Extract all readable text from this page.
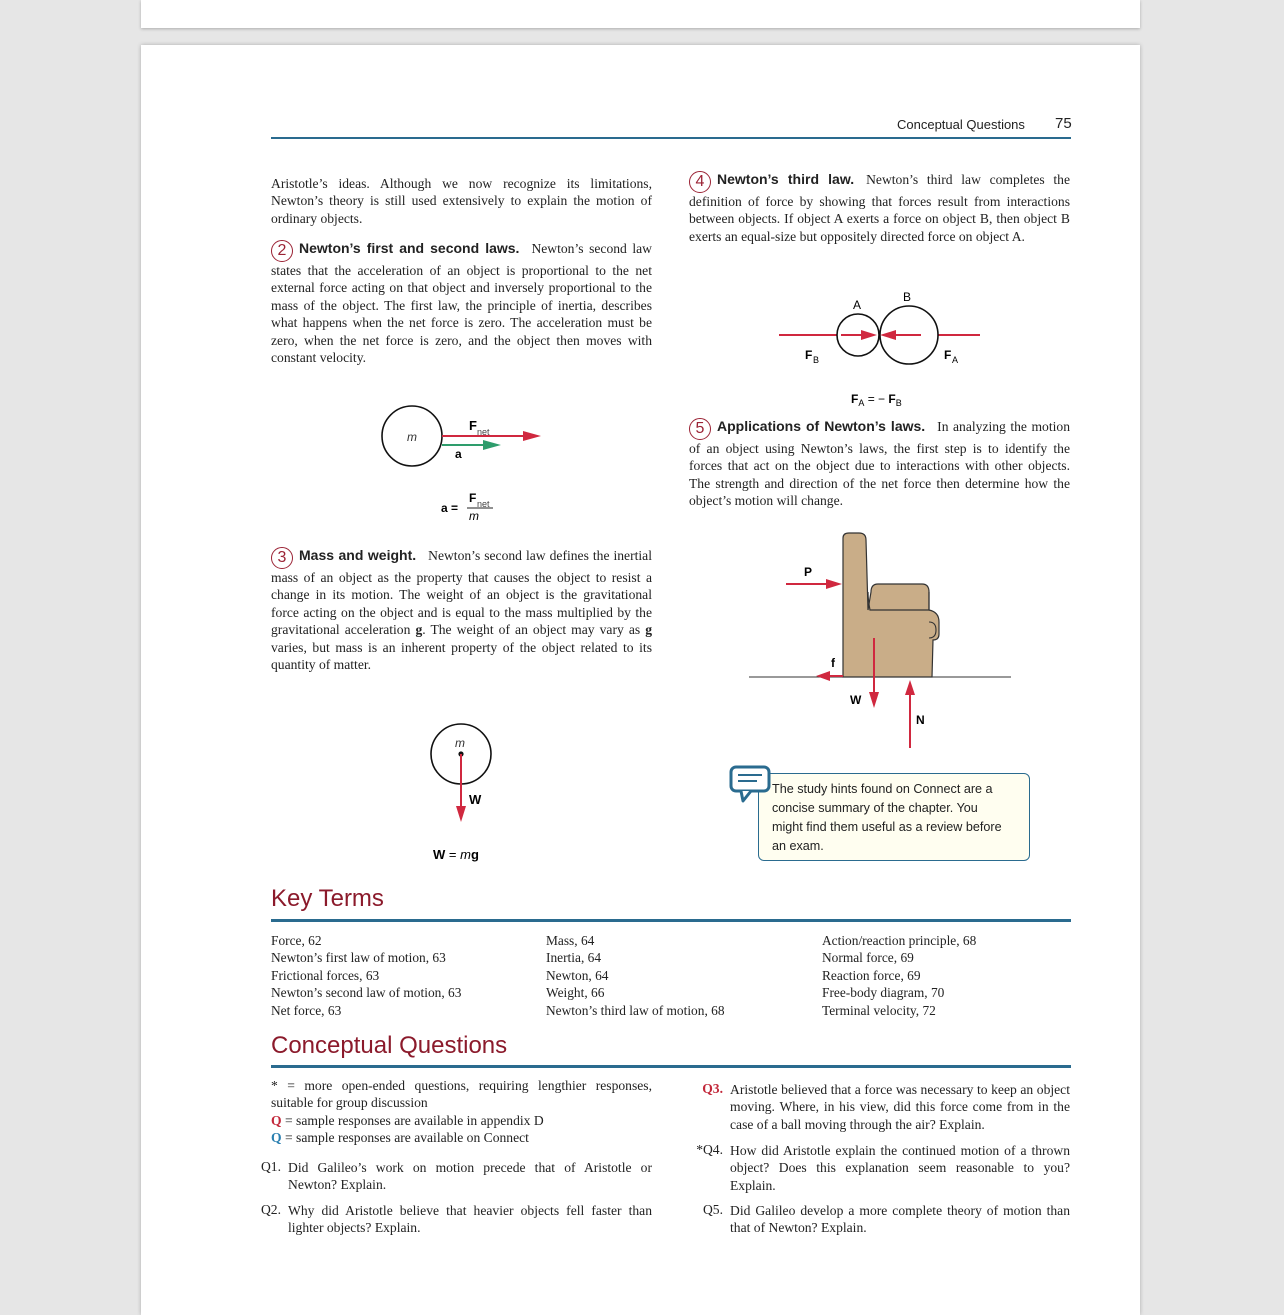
Conceptual Questions 75
Aristotle’s ideas. Although we now recognize its limitations, Newton’s theory is still used extensively to explain the motion of ordinary objects.
2 Newton’s first and second laws. Newton’s second law states that the acceleration of an object is proportional to the net external force acting on that object and inversely proportional to the mass of the object. The first law, the principle of inertia, describes what happens when the net force is zero. The acceleration must be zero, when the net force is zero, and the object then moves with constant velocity.
m
F net
a
a =
F net
m
3 Mass and weight. Newton’s second law defines the inertial mass of an object as the property that causes the object to resist a change in its motion. The weight of an object is the gravitational force acting on the object and is equal to the mass multiplied by the gravitational acceleration g. The weight of an object may vary as g varies, but mass is an inherent property of the object related to its quantity of matter.
m
W
W = mg
4 Newton’s third law. Newton’s third law completes the definition of force by showing that forces result from interactions between objects. If object A exerts a force on object B, then object B exerts an equal-size but oppositely directed force on object A.
A
B
F B	F A
$F_A$ = − $F_B$
5 Applications of Newton’s laws. In analyzing the motion of an object using Newton’s laws, the first step is to identify the forces that act on the object due to interactions with other objects. The strength and direction of the net force then determine how the object’s motion will change.
P
f
W
N
The study hints found on Connect are a concise summary of the chapter. You might find them useful as a review before an exam.
Key Terms
Force, 62
Newton’s first law of motion, 63
Frictional forces, 63
Newton’s second law of motion, 63
Net force, 63
Mass, 64
Inertia, 64
Newton, 64
Weight, 66
Newton’s third law of motion, 68
Action/reaction principle, 68
Normal force, 69
Reaction force, 69
Free-body diagram, 70
Terminal velocity, 72
Conceptual Questions
* = more open-ended questions, requiring lengthier responses, suitable for group discussion
Q = sample responses are available in appendix D
Q = sample responses are available on Connect
Q1. Did Galileo’s work on motion precede that of Aristotle or Newton? Explain.
Q2. Why did Aristotle believe that heavier objects fell faster than lighter objects? Explain.
Q3. Aristotle believed that a force was necessary to keep an object moving. Where, in his view, did this force come from in the case of a ball moving through the air? Explain.
*Q4. How did Aristotle explain the continued motion of a thrown object? Does this explanation seem reasonable to you? Explain.
Q5. Did Galileo develop a more complete theory of motion than that of Newton? Explain.
